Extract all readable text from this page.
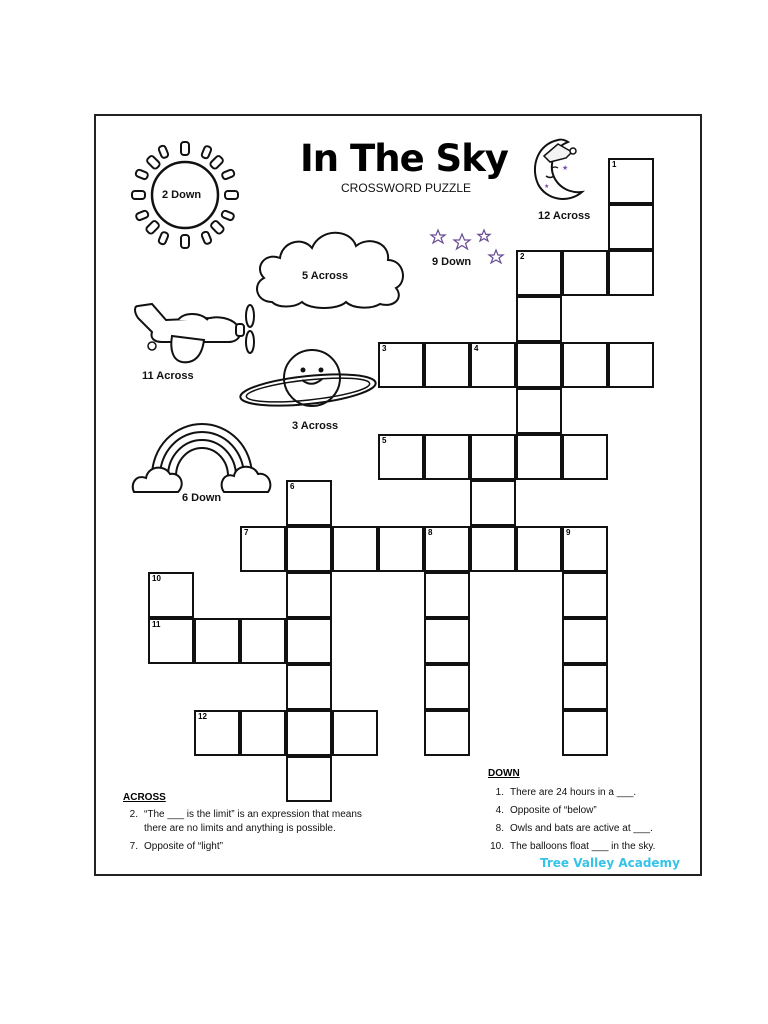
In The Sky
CROSSWORD PUZZLE
2 Down
★
★
12 Across
9 Down
5 Across
11 Across
3 Across
6 Down
1
2
3	4
5
6
7	8	9
10
11
12
ACROSS
2. “The ___ is the limit” is an expression that means
there are no limits and anything is possible.
7. Opposite of “light”
DOWN
1. There are 24 hours in a ___.
4. Opposite of “below”
8. Owls and bats are active at ___.
10. The balloons float ___ in the sky.
Tree Valley Academy
